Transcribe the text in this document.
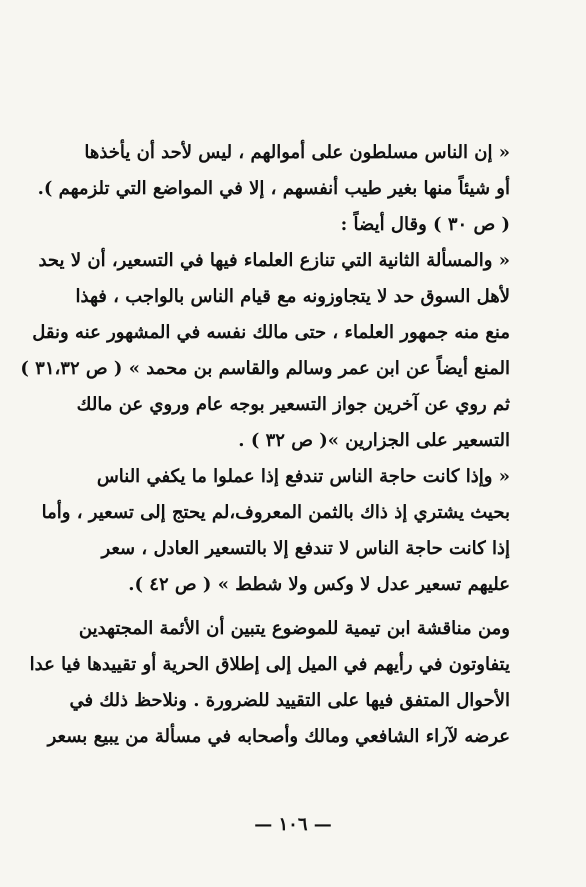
« إن الناس مسلطون على أموالهم ، ليس لأحد أن يأخذها
أو شيئاً منها بغير طيب أنفسهم ، إلا في المواضع التي تلزمهم ).
( ص ٣٠ ) وقال أيضاً :
« والمسألة الثانية التي تنازع العلماء فيها في التسعير، أن لا يحد
لأهل السوق حد لا يتجاوزونه مع قيام الناس بالواجب ، فهذا
منع منه جمهور العلماء ، حتى مالك نفسه في المشهور عنه ونقل
المنع أيضاً عن ابن عمر وسالم والقاسم بن محمد » ( ص ٣١،٣٢ )
ثم روي عن آخرين جواز التسعير بوجه عام وروي عن مالك
التسعير على الجزارين »( ص ٣٢ ) .
« وإذا كانت حاجة الناس تندفع إذا عملوا ما يكفي الناس
بحيث يشتري إذ ذاك بالثمن المعروف،لم يحتج إلى تسعير ، وأما
إذا كانت حاجة الناس لا تندفع إلا بالتسعير العادل ، سعر
عليهم تسعير عدل لا وكس ولا شطط » ( ص ٤٢ ).
ومن مناقشة ابن تيمية للموضوع يتبين أن الأئمة المجتهدين
يتفاوتون في رأيهم في الميل إلى إطلاق الحرية أو تقييدها فيا عدا
الأحوال المتفق فيها على التقييد للضرورة . ونلاحظ ذلك في
عرضه لآراء الشافعي ومالك وأصحابه في مسألة من يبيع بسعر
— ١٠٦ —
